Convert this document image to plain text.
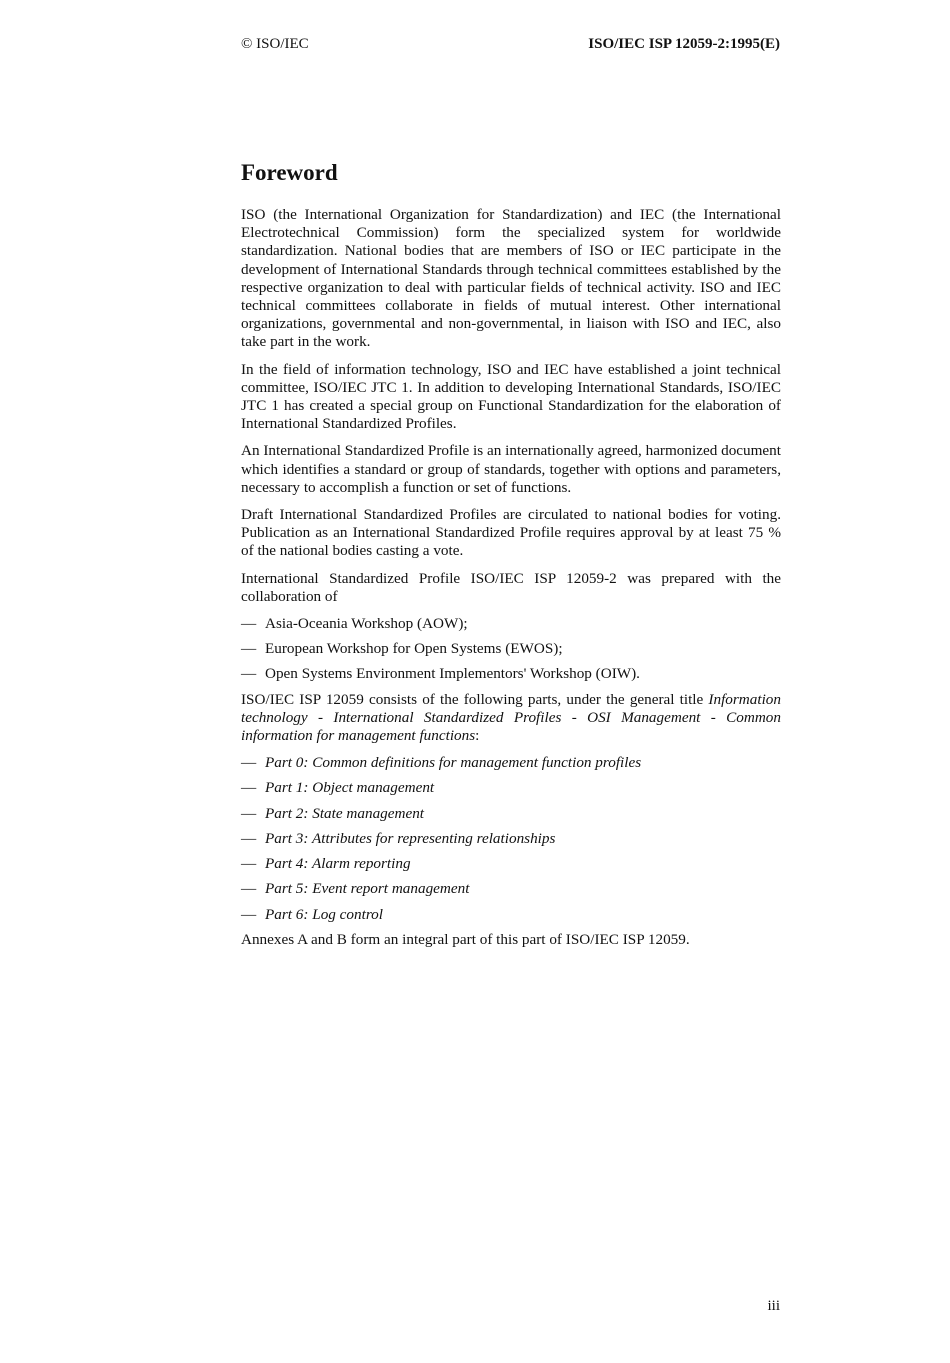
© ISO/IEC	ISO/IEC ISP 12059-2:1995(E)
Foreword

ISO (the International Organization for Standardization) and IEC (the International Electrotechnical Commission) form the specialized system for worldwide standardization. National bodies that are members of ISO or IEC participate in the development of International Standards through technical committees established by the respective organization to deal with particular fields of technical activity. ISO and IEC technical committees collaborate in fields of mutual interest. Other international organizations, governmental and non-governmental, in liaison with ISO and IEC, also take part in the work.

In the field of information technology, ISO and IEC have established a joint technical committee, ISO/IEC JTC 1. In addition to developing International Standards, ISO/IEC JTC 1 has created a special group on Functional Standardization for the elaboration of International Standardized Profiles.

An International Standardized Profile is an internationally agreed, harmonized document which identifies a standard or group of standards, together with options and parameters, necessary to accomplish a function or set of functions.

Draft International Standardized Profiles are circulated to national bodies for voting. Publication as an International Standardized Profile requires approval by at least 75 % of the national bodies casting a vote.

International Standardized Profile ISO/IEC ISP 12059-2 was prepared with the collaboration of

— Asia-Oceania Workshop (AOW);
— European Workshop for Open Systems (EWOS);
— Open Systems Environment Implementors' Workshop (OIW).

ISO/IEC ISP 12059 consists of the following parts, under the general title Information technology - International Standardized Profiles - OSI Management - Common information for management functions:

— Part 0: Common definitions for management function profiles
— Part 1: Object management
— Part 2: State management
— Part 3: Attributes for representing relationships
— Part 4: Alarm reporting
— Part 5: Event report management
— Part 6: Log control

Annexes A and B form an integral part of this part of ISO/IEC ISP 12059.

iii
